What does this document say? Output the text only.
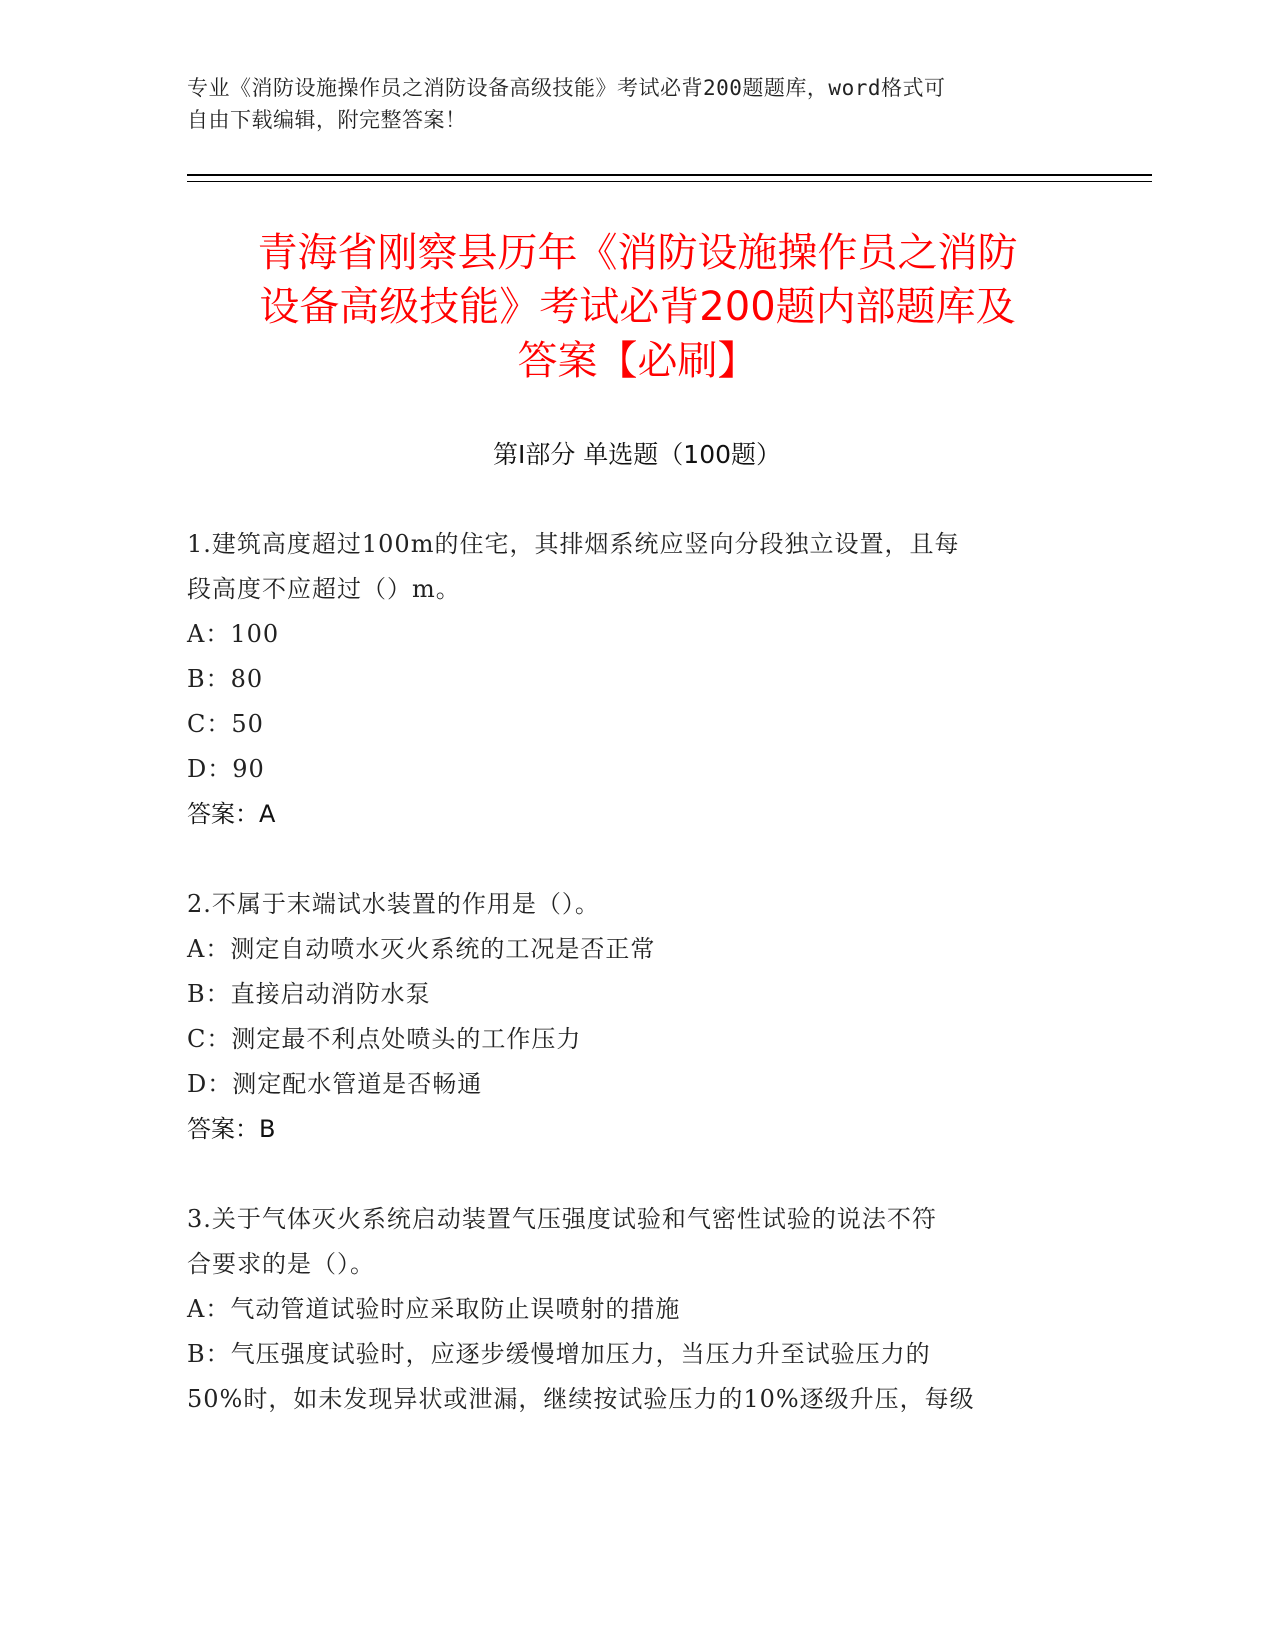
专业《消防设施操作员之消防设备高级技能》考试必背200题题库，word格式可
自由下载编辑，附完整答案！
青海省刚察县历年《消防设施操作员之消防
设备高级技能》考试必背200题内部题库及
答案【必刷】
第I部分 单选题（100题）

1.建筑高度超过100m的住宅，其排烟系统应竖向分段独立设置，且每

段高度不应超过（）m。

A：100

B：80

C：50

D：90

答案：A

2.不属于末端试水装置的作用是（）。

A：测定自动喷水灭火系统的工况是否正常

B：直接启动消防水泵

C：测定最不利点处喷头的工作压力

D：测定配水管道是否畅通

答案：B

3.关于气体灭火系统启动装置气压强度试验和气密性试验的说法不符

合要求的是（）。

A：气动管道试验时应采取防止误喷射的措施

B：气压强度试验时，应逐步缓慢增加压力，当压力升至试验压力的

50%时，如未发现异状或泄漏，继续按试验压力的10%逐级升压，每级
